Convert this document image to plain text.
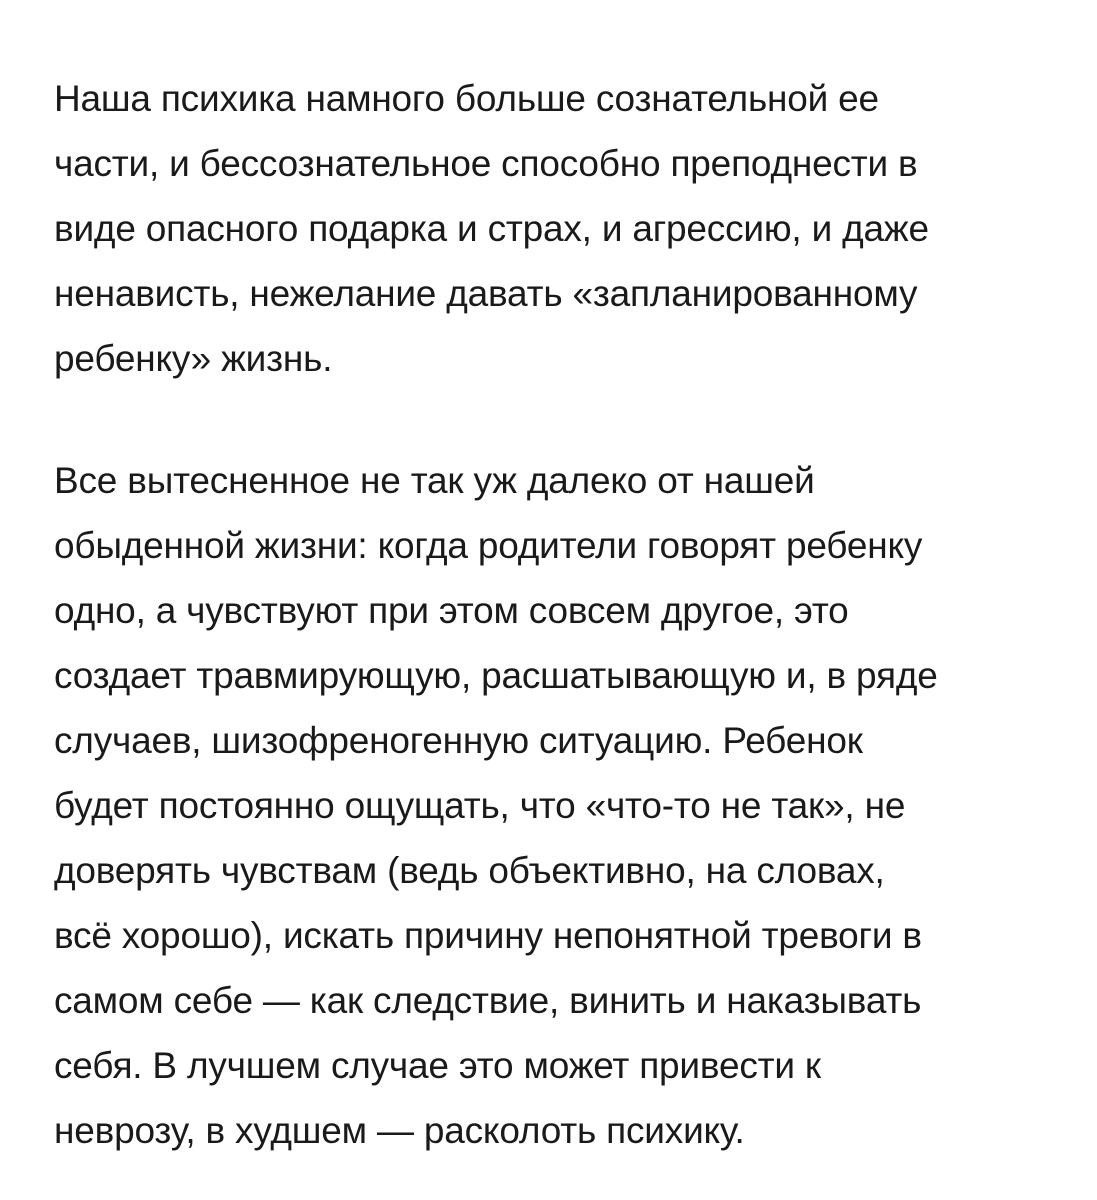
Наша психика намного больше сознательной ее
части, и бессознательное способно преподнести в
виде опасного подарка и страх, и агрессию, и даже
ненависть, нежелание давать «запланированному
ребенку» жизнь.

Все вытесненное не так уж далеко от нашей
обыденной жизни: когда родители говорят ребенку
одно, а чувствуют при этом совсем другое, это
создает травмирующую, расшатывающую и, в ряде
случаев, шизофреногенную ситуацию. Ребенок
будет постоянно ощущать, что «что-то не так», не
доверять чувствам (ведь объективно, на словах,
всё хорошо), искать причину непонятной тревоги в
самом себе — как следствие, винить и наказывать
себя. В лучшем случае это может привести к
неврозу, в худшем — расколоть психику.
